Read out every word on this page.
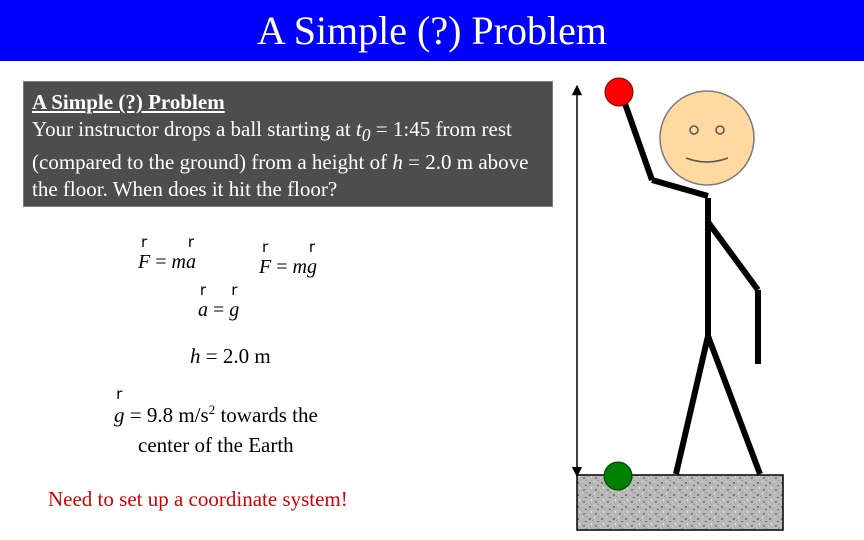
A Simple (?) Problem
A Simple (?) Problem
Your instructor drops a ball starting at $t_0$ = 1:45 from rest (compared to the ground) from a height of h = 2.0 m above the floor. When does it hit the floor?
F
r
= ma
r
F
r
= mg
r
a
r
= g
r
h = 2.0 m
g
r
= 9.8 $m/s^2$ towards the
center of the Earth
Need to set up a coordinate system!
